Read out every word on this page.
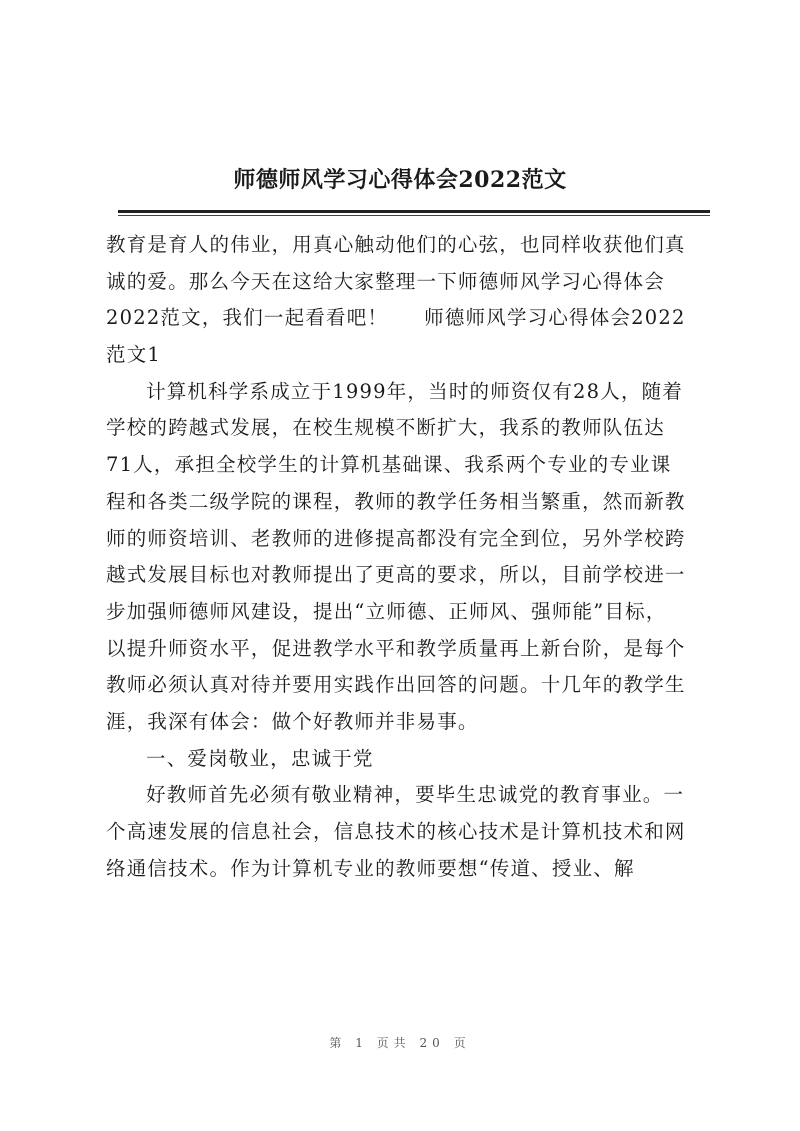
师德师风学习心得体会2022范文
教育是育人的伟业，用真心触动他们的心弦，也同样收获他们真
诚的爱。那么今天在这给大家整理一下师德师风学习心得体会
2022范文，我们一起看看吧！ 师德师风学习心得体会2022
范文1
计算机科学系成立于1999年，当时的师资仅有28人，随着
学校的跨越式发展，在校生规模不断扩大，我系的教师队伍达
71人，承担全校学生的计算机基础课、我系两个专业的专业课
程和各类二级学院的课程，教师的教学任务相当繁重，然而新教
师的师资培训、老教师的进修提高都没有完全到位，另外学校跨
越式发展目标也对教师提出了更高的要求，所以，目前学校进一
步加强师德师风建设，提出“立师德、正师风、强师能”目标，
以提升师资水平，促进教学水平和教学质量再上新台阶，是每个
教师必须认真对待并要用实践作出回答的问题。十几年的教学生
涯，我深有体会：做个好教师并非易事。
一、爱岗敬业，忠诚于党
好教师首先必须有敬业精神，要毕生忠诚党的教育事业。一
个高速发展的信息社会，信息技术的核心技术是计算机技术和网
络通信技术。作为计算机专业的教师要想“传道、授业、解
第 1 页共 20 页
